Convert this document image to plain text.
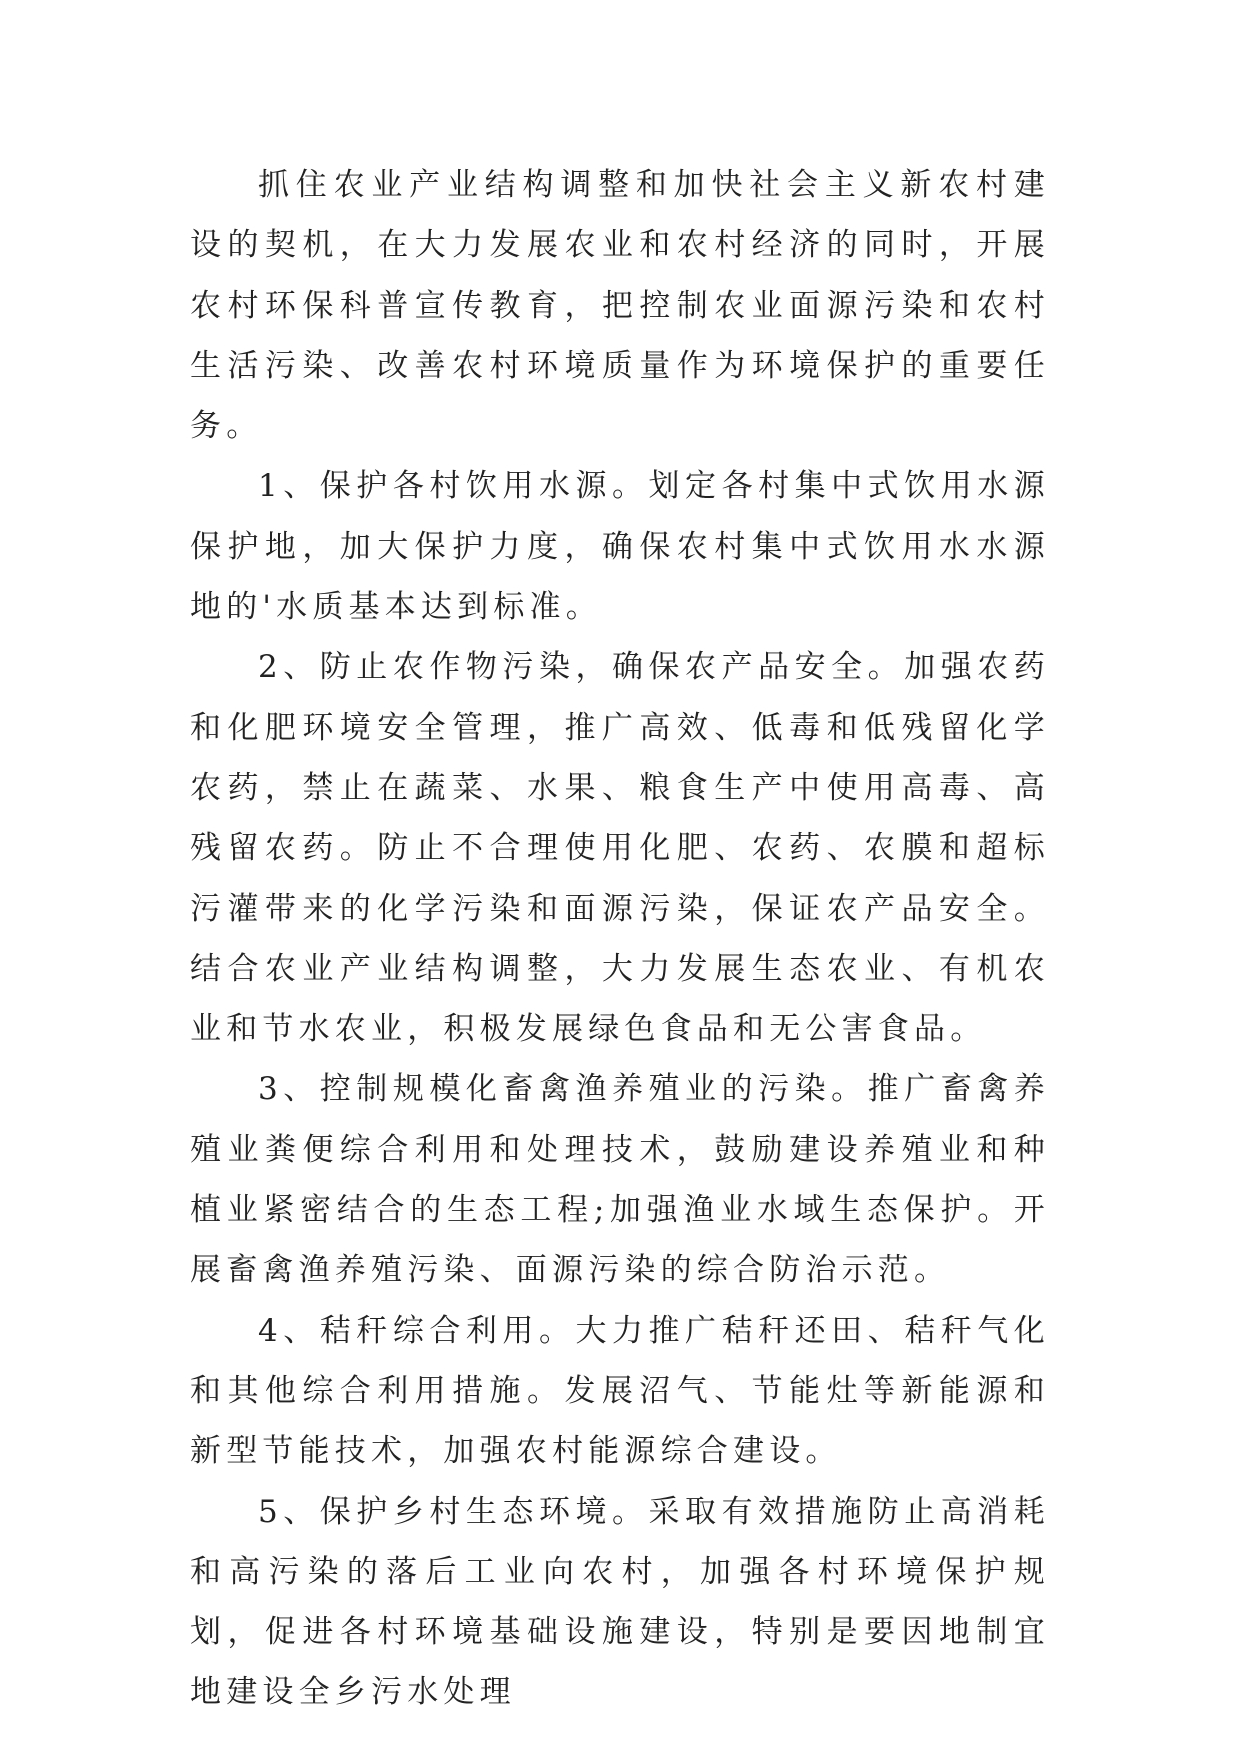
抓住农业产业结构调整和加快社会主义新农村建设的契机，在大力发展农业和农村经济的同时，开展农村环保科普宣传教育，把控制农业面源污染和农村生活污染、改善农村环境质量作为环境保护的重要任务。

1、保护各村饮用水源。划定各村集中式饮用水源保护地，加大保护力度，确保农村集中式饮用水水源地的'水质基本达到标准。

2、防止农作物污染，确保农产品安全。加强农药和化肥环境安全管理，推广高效、低毒和低残留化学农药，禁止在蔬菜、水果、粮食生产中使用高毒、高残留农药。防止不合理使用化肥、农药、农膜和超标污灌带来的化学污染和面源污染，保证农产品安全。结合农业产业结构调整，大力发展生态农业、有机农业和节水农业，积极发展绿色食品和无公害食品。

3、控制规模化畜禽渔养殖业的污染。推广畜禽养殖业粪便综合利用和处理技术，鼓励建设养殖业和种植业紧密结合的生态工程;加强渔业水域生态保护。开展畜禽渔养殖污染、面源污染的综合防治示范。

4、秸秆综合利用。大力推广秸秆还田、秸秆气化和其他综合利用措施。发展沼气、节能灶等新能源和新型节能技术，加强农村能源综合建设。

5、保护乡村生态环境。采取有效措施防止高消耗和高污染的落后工业向农村，加强各村环境保护规划，促进各村环境基础设施建设，特别是要因地制宜地建设全乡污水处理
